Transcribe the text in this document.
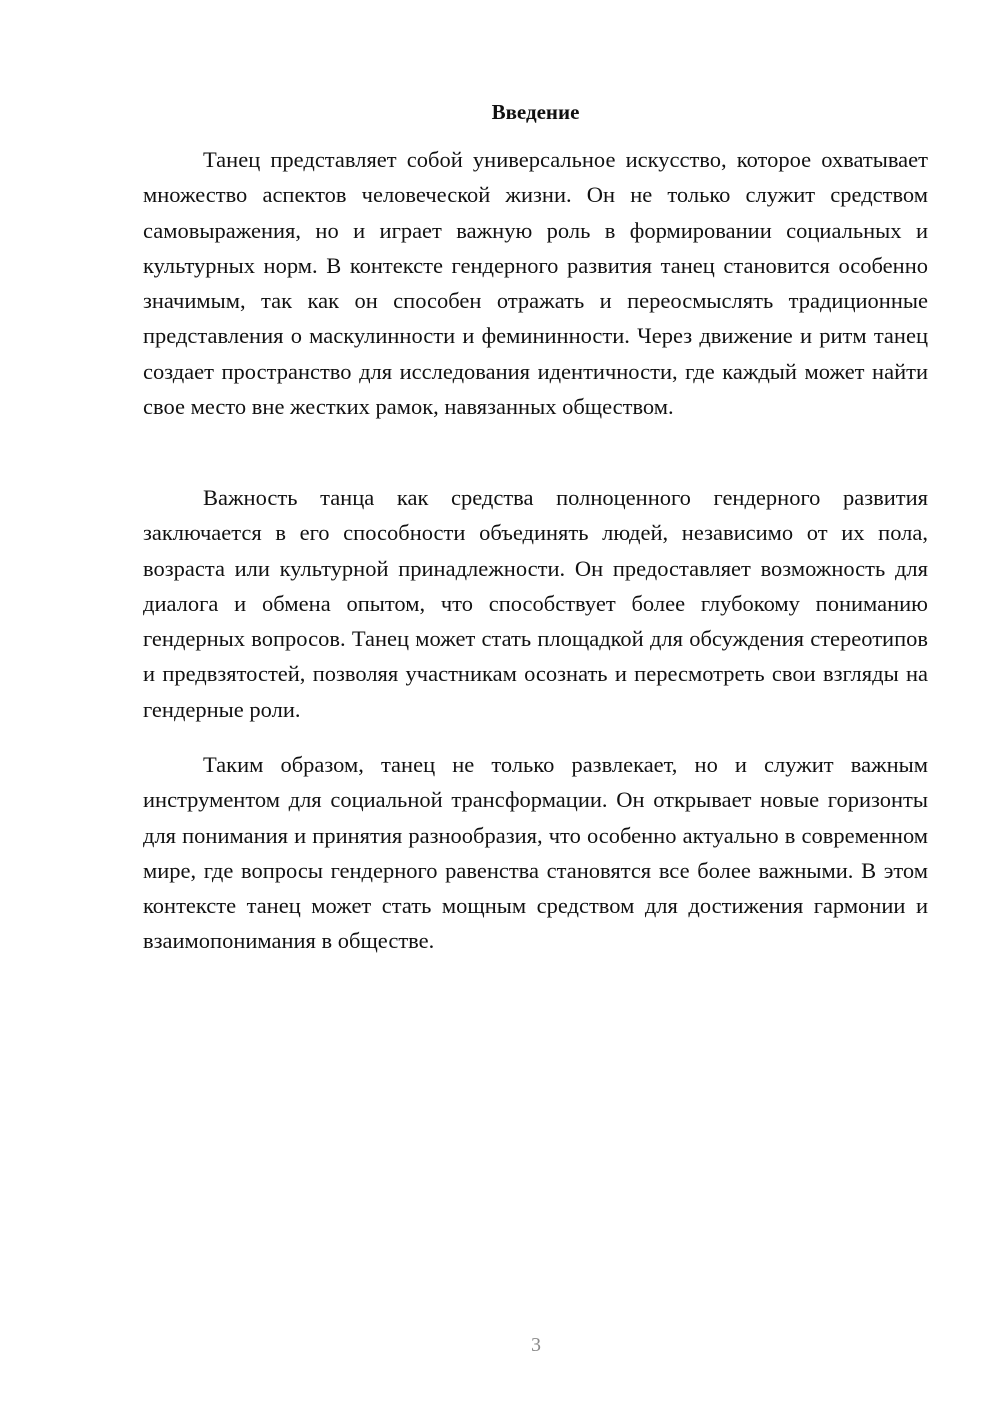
Введение

Танец представляет собой универсальное искусство, которое охватывает множество аспектов человеческой жизни. Он не только служит средством самовыражения, но и играет важную роль в формировании социальных и культурных норм. В контексте гендерного развития танец становится особенно значимым, так как он способен отражать и переосмыслять традиционные представления о маскулинности и фемининности. Через движение и ритм танец создает пространство для исследования идентичности, где каждый может найти свое место вне жестких рамок, навязанных обществом.

Важность танца как средства полноценного гендерного развития заключается в его способности объединять людей, независимо от их пола, возраста или культурной принадлежности. Он предоставляет возможность для диалога и обмена опытом, что способствует более глубокому пониманию гендерных вопросов. Танец может стать площадкой для обсуждения стереотипов и предвзятостей, позволяя участникам осознать и пересмотреть свои взгляды на гендерные роли.

Таким образом, танец не только развлекает, но и служит важным инструментом для социальной трансформации. Он открывает новые горизонты для понимания и принятия разнообразия, что особенно актуально в современном мире, где вопросы гендерного равенства становятся все более важными. В этом контексте танец может стать мощным средством для достижения гармонии и взаимопонимания в обществе.

3
